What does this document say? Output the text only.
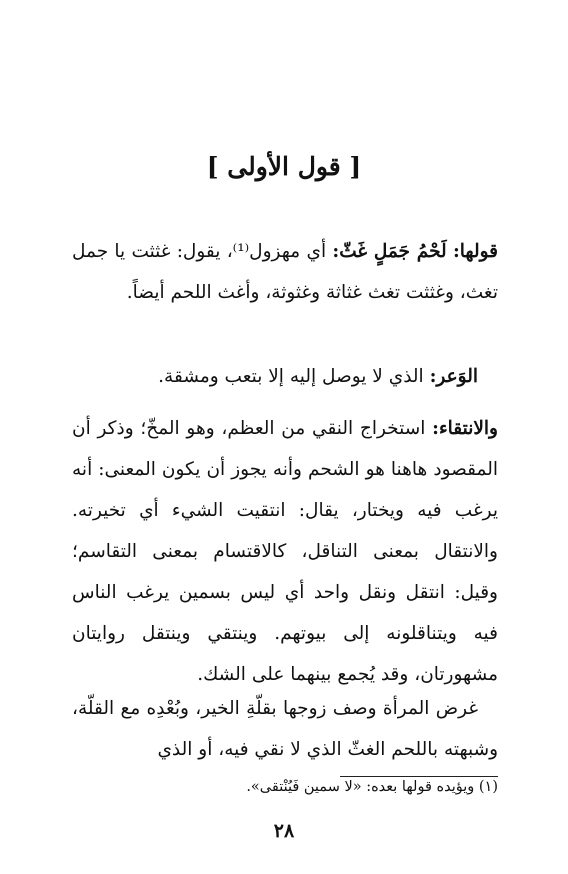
[ قول الأولى ]
قولها: لَحْمُ جَمَلٍ غَثّ: أي مهزول⁽¹⁾، يقول: غثثت يا جمل تغث، وغثثت تغث غثاثة وغثوثة، وأغث اللحم أيضاً.
الوَعر: الذي لا يوصل إليه إلا بتعب ومشقة.
والانتقاء: استخراج النقي من العظم، وهو المخّ؛ وذكر أن المقصود هاهنا هو الشحم وأنه يجوز أن يكون المعنى: أنه يرغب فيه ويختار، يقال: انتقيت الشيء أي تخيرته. والانتقال بمعنى التناقل، كالاقتسام بمعنى التقاسم؛ وقيل: انتقل ونقل واحد أي ليس بسمين يرغب الناس فيه ويتناقلونه إلى بيوتهم. وينتقي وينتقل روايتان مشهورتان، وقد يُجمع بينهما على الشك.
غرض المرأة وصف زوجها بقلّةِ الخير، وبُعْدِه مع القلّة، وشبهته باللحم الغثّ الذي لا نقي فيه، أو الذي
(١) ويؤيده قولها بعده: «لا سمين فَيُنْتقى».
٢٨
